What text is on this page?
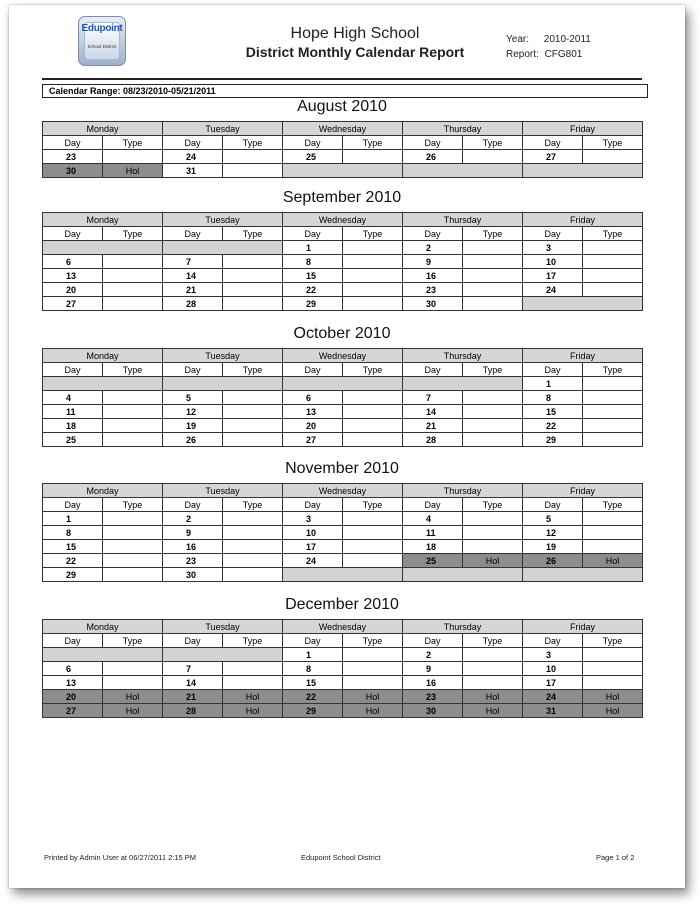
Edupoint
School District
Hope High School
District Monthly Calendar Report
Year: 2010-2011
Report: CFG801
Calendar Range: 08/23/2010-05/21/2011
August 2010
Monday		Tuesday		Wednesday		Thursday		Friday	
Day	Type	Day	Type	Day	Type	Day	Type	Day	Type
23		24		25		26		27	
30	Hol	31							
September 2010
Monday		Tuesday		Wednesday		Thursday		Friday	
Day	Type	Day	Type	Day	Type	Day	Type	Day	Type
				1		2		3	
6		7		8		9		10	
13		14		15		16		17	
20		21		22		23		24	
27		28		29		30			
October 2010
Monday		Tuesday		Wednesday		Thursday		Friday	
Day	Type	Day	Type	Day	Type	Day	Type	Day	Type
								1	
4		5		6		7		8	
11		12		13		14		15	
18		19		20		21		22	
25		26		27		28		29	
November 2010
Monday		Tuesday		Wednesday		Thursday		Friday	
Day	Type	Day	Type	Day	Type	Day	Type	Day	Type
1		2		3		4		5	
8		9		10		11		12	
15		16		17		18		19	
22		23		24		25	Hol	26	Hol
29		30							
December 2010
Monday		Tuesday		Wednesday		Thursday		Friday	
Day	Type	Day	Type	Day	Type	Day	Type	Day	Type
				1		2		3	
6		7		8		9		10	
13		14		15		16		17	
20	Hol	21	Hol	22	Hol	23	Hol	24	Hol
27	Hol	28	Hol	29	Hol	30	Hol	31	Hol
Printed by Admin User at 06/27/2011 2:15 PM	Edupoint School District	Page 1 of 2
